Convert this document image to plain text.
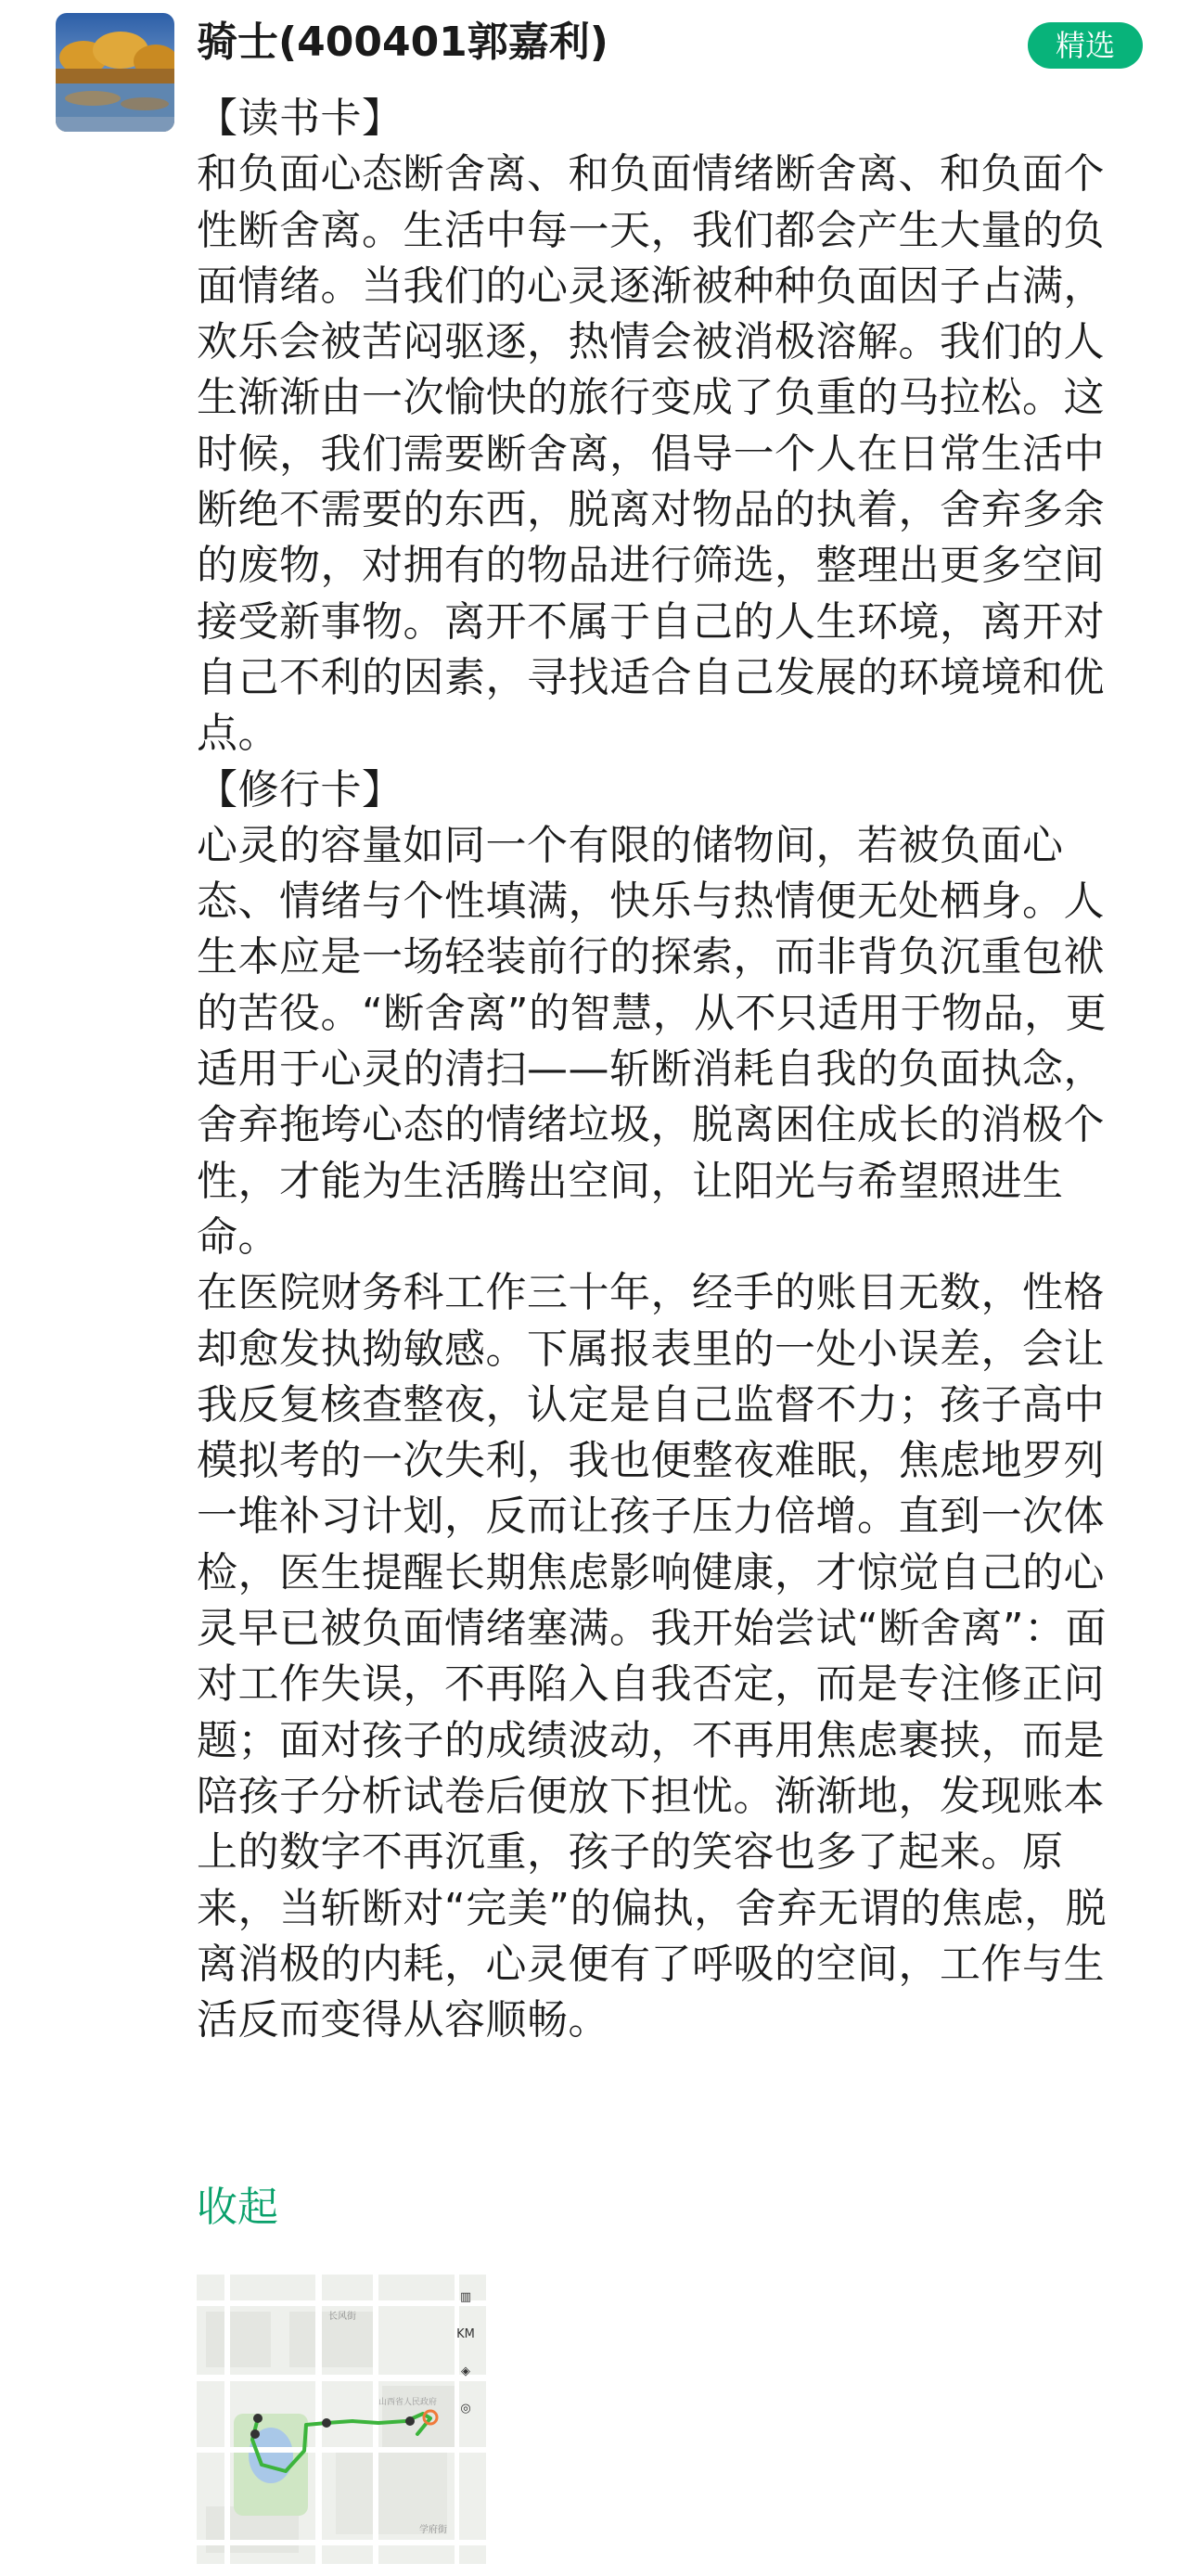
骑士(400401郭嘉利)	精选

【读书卡】

和负面心态断舍离、和负面情绪断舍离、和负面个性断舍离。生活中每一天，我们都会产生大量的负面情绪。当我们的心灵逐渐被种种负面因子占满，欢乐会被苦闷驱逐，热情会被消极溶解。我们的人生渐渐由一次愉快的旅行变成了负重的马拉松。这时候，我们需要断舍离，倡导一个人在日常生活中断绝不需要的东西，脱离对物品的执着，舍弃多余的废物，对拥有的物品进行筛选，整理出更多空间接受新事物。离开不属于自己的人生环境，离开对自己不利的因素，寻找适合自己发展的环境境和优点。

【修行卡】

心灵的容量如同一个有限的储物间，若被负面心态、情绪与个性填满，快乐与热情便无处栖身。人生本应是一场轻装前行的探索，而非背负沉重包袱的苦役。“断舍离”的智慧，从不只适用于物品，更适用于心灵的清扫——斩断消耗自我的负面执念，舍弃拖垮心态的情绪垃圾，脱离困住成长的消极个性，才能为生活腾出空间，让阳光与希望照进生命。

在医院财务科工作三十年，经手的账目无数，性格却愈发执拗敏感。下属报表里的一处小误差，会让我反复核查整夜，认定是自己监督不力；孩子高中模拟考的一次失利，我也便整夜难眠，焦虑地罗列一堆补习计划，反而让孩子压力倍增。直到一次体检，医生提醒长期焦虑影响健康，才惊觉自己的心灵早已被负面情绪塞满。我开始尝试“断舍离”：面对工作失误，不再陷入自我否定，而是专注修正问题；面对孩子的成绩波动，不再用焦虑裹挟，而是陪孩子分析试卷后便放下担忧。渐渐地，发现账本上的数字不再沉重，孩子的笑容也多了起来。原来，当斩断对“完美”的偏执，舍弃无谓的焦虑，脱离消极的内耗，心灵便有了呼吸的空间，工作与生活反而变得从容顺畅。

收起
长风街
学府街
山西省人民政府
▥
KM
◈
◎
